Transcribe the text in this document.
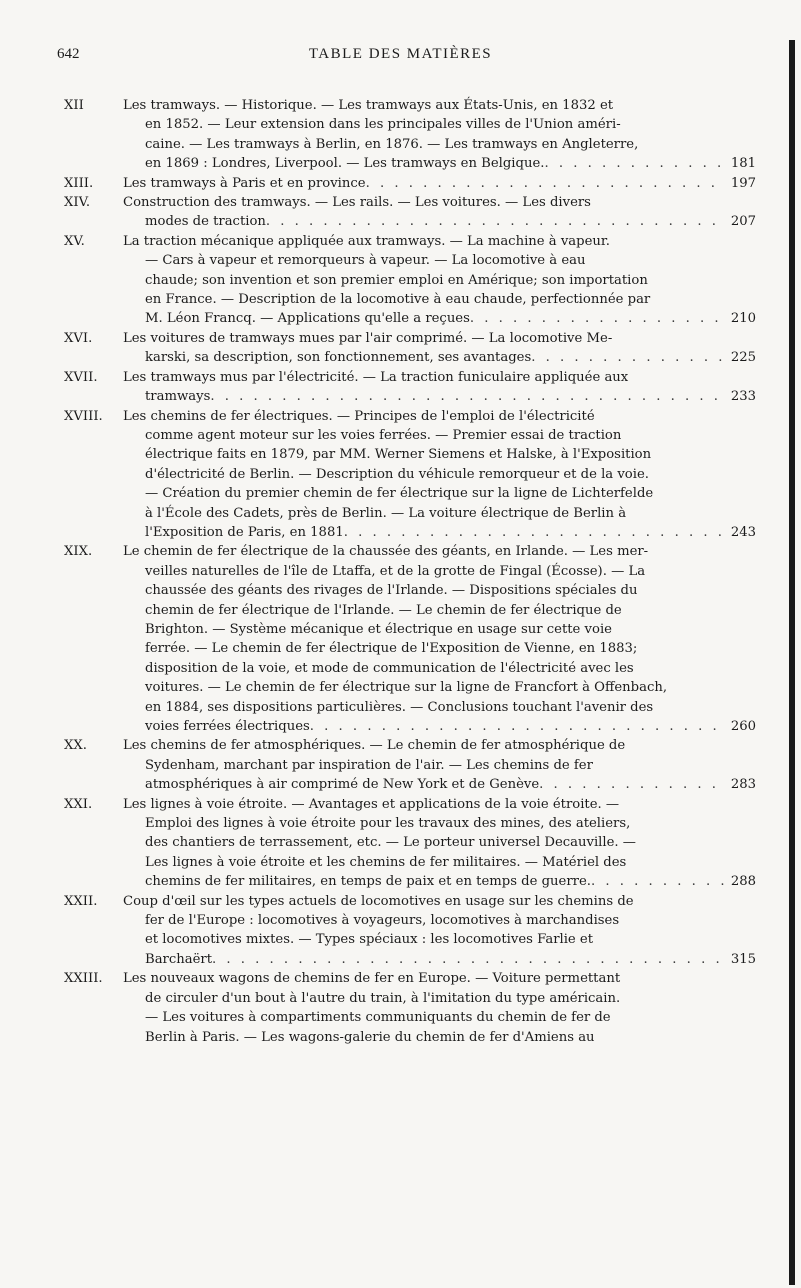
642	TABLE DES MATIÈRES
XII	Les tramways. — Historique. — Les tramways aux États-Unis, en 1832 et
en 1852. — Leur extension dans les principales villes de l'Union améri-
caine. — Les tramways à Berlin, en 1876. — Les tramways en Angleterre,
en 1869 : Londres, Liverpool. — Les tramways en Belgique. . . .	181
XIII.	Les tramways à Paris et en province . . .	197
XIV.	Construction des tramways. — Les rails. — Les voitures. — Les divers
modes de traction . . .	207
XV.	La traction mécanique appliquée aux tramways. — La machine à vapeur.
— Cars à vapeur et remorqueurs à vapeur. — La locomotive à eau
chaude; son invention et son premier emploi en Amérique; son importation
en France. — Description de la locomotive à eau chaude, perfectionnée par
M. Léon Francq. — Applications qu'elle a reçues . . .	210
XVI.	Les voitures de tramways mues par l'air comprimé. — La locomotive Me-
karski, sa description, son fonctionnement, ses avantages . . .	225
XVII.	Les tramways mus par l'électricité. — La traction funiculaire appliquée aux
tramways . . .	233
XVIII.	Les chemins de fer électriques. — Principes de l'emploi de l'électricité
comme agent moteur sur les voies ferrées. — Premier essai de traction
électrique faits en 1879, par MM. Werner Siemens et Halske, à l'Exposition
d'électricité de Berlin. — Description du véhicule remorqueur et de la voie.
— Création du premier chemin de fer électrique sur la ligne de Lichterfelde
à l'École des Cadets, près de Berlin. — La voiture électrique de Berlin à
l'Exposition de Paris, en 1881 . . .	243
XIX.	Le chemin de fer électrique de la chaussée des géants, en Irlande. — Les mer-
veilles naturelles de l'île de Ltaffa, et de la grotte de Fingal (Écosse). — La
chaussée des géants des rivages de l'Irlande. — Dispositions spéciales du
chemin de fer électrique de l'Irlande. — Le chemin de fer électrique de
Brighton. — Système mécanique et électrique en usage sur cette voie
ferrée. — Le chemin de fer électrique de l'Exposition de Vienne, en 1883;
disposition de la voie, et mode de communication de l'électricité avec les
voitures. — Le chemin de fer électrique sur la ligne de Francfort à Offenbach,
en 1884, ses dispositions particulières. — Conclusions touchant l'avenir des
voies ferrées électriques . . .	260
XX.	Les chemins de fer atmosphériques. — Le chemin de fer atmosphérique de
Sydenham, marchant par inspiration de l'air. — Les chemins de fer
atmosphériques à air comprimé de New York et de Genève . . .	283
XXI.	Les lignes à voie étroite. — Avantages et applications de la voie étroite. —
Emploi des lignes à voie étroite pour les travaux des mines, des ateliers,
des chantiers de terrassement, etc. — Le porteur universel Decauville. —
Les lignes à voie étroite et les chemins de fer militaires. — Matériel des
chemins de fer militaires, en temps de paix et en temps de guerre. . . .	288
XXII.	Coup d'œil sur les types actuels de locomotives en usage sur les chemins de
fer de l'Europe : locomotives à voyageurs, locomotives à marchandises
et locomotives mixtes. — Types spéciaux : les locomotives Farlie et
Barchaërt . . .	315
XXIII.	Les nouveaux wagons de chemins de fer en Europe. — Voiture permettant
de circuler d'un bout à l'autre du train, à l'imitation du type américain.
— Les voitures à compartiments communiquants du chemin de fer de
Berlin à Paris. — Les wagons-galerie du chemin de fer d'Amiens au
